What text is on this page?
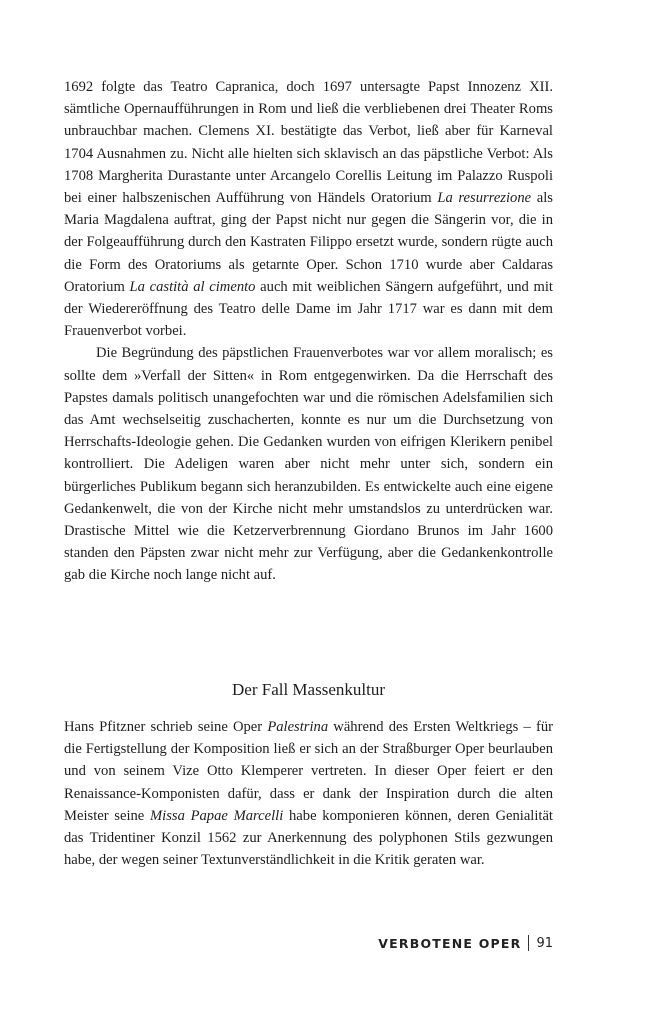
1692 folgte das Teatro Capranica, doch 1697 untersagte Papst Innozenz XII. sämtliche Opernaufführungen in Rom und ließ die verbliebenen drei Theater Roms unbrauchbar machen. Clemens XI. bestätigte das Verbot, ließ aber für Karneval 1704 Ausnahmen zu. Nicht alle hielten sich sklavisch an das päpstliche Verbot: Als 1708 Margherita Durastante unter Arcangelo Corellis Leitung im Palazzo Ruspoli bei einer halbszenischen Aufführung von Händels Oratorium La resurrezione als Maria Magdalena auftrat, ging der Papst nicht nur gegen die Sängerin vor, die in der Folgeaufführung durch den Kastraten Filippo ersetzt wurde, sondern rügte auch die Form des Oratoriums als getarnte Oper. Schon 1710 wurde aber Caldaras Oratorium La castità al cimento auch mit weiblichen Sängern aufgeführt, und mit der Wiedereröffnung des Teatro delle Dame im Jahr 1717 war es dann mit dem Frauenverbot vorbei.

Die Begründung des päpstlichen Frauenverbotes war vor allem moralisch; es sollte dem »Verfall der Sitten« in Rom entgegenwirken. Da die Herrschaft des Papstes damals politisch unangefochten war und die römischen Adelsfamilien sich das Amt wechselseitig zuschacherten, konnte es nur um die Durchsetzung von Herrschafts-Ideologie gehen. Die Gedanken wurden von eifrigen Klerikern penibel kontrolliert. Die Adeligen waren aber nicht mehr unter sich, sondern ein bürgerliches Publikum begann sich heranzubilden. Es entwickelte auch eine eigene Gedankenwelt, die von der Kirche nicht mehr umstandslos zu unterdrücken war. Drastische Mittel wie die Ketzerverbrennung Giordano Brunos im Jahr 1600 standen den Päpsten zwar nicht mehr zur Verfügung, aber die Gedankenkontrolle gab die Kirche noch lange nicht auf.

Der Fall Massenkultur

Hans Pfitzner schrieb seine Oper Palestrina während des Ersten Weltkriegs – für die Fertigstellung der Komposition ließ er sich an der Straßburger Oper beurlauben und von seinem Vize Otto Klemperer vertreten. In dieser Oper feiert er den Renaissance-Komponisten dafür, dass er dank der Inspiration durch die alten Meister seine Missa Papae Marcelli habe komponieren können, deren Genialität das Tridentiner Konzil 1562 zur Anerkennung des polyphonen Stils gezwungen habe, der wegen seiner Textunverständlichkeit in die Kritik geraten war.

VERBOTENE OPER 91
